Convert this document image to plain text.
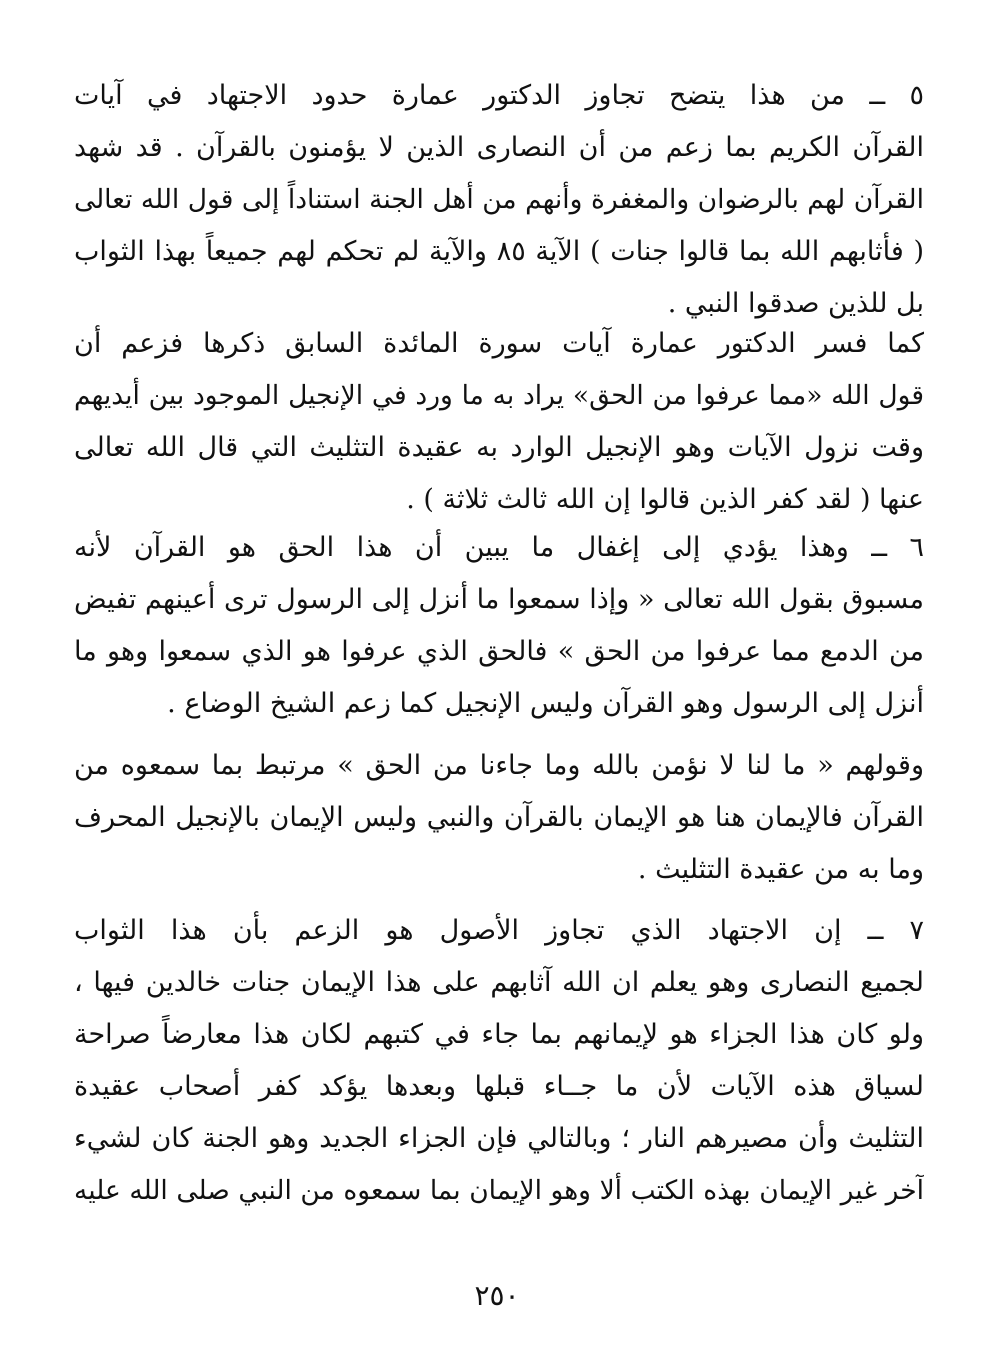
٥ ــ من هذا يتضح تجاوز الدكتور عمارة حدود الاجتهاد في آيات
القرآن الكريم بما زعم من أن النصارى الذين لا يؤمنون بالقرآن . قد شهد
القرآن لهم بالرضوان والمغفرة وأنهم من أهل الجنة استناداً إلى قول الله تعالى
( فأثابهم الله بما قالوا جنات ) الآية ٨٥ والآية لم تحكم لهم جميعاً بهذا الثواب
بل للذين صدقوا النبي .
كما فسر الدكتور عمارة آيات سورة المائدة السابق ذكرها فزعم أن
قول الله «مما عرفوا من الحق» يراد به ما ورد في الإنجيل الموجود بين أيديهم
وقت نزول الآيات وهو الإنجيل الوارد به عقيدة التثليث التي قال الله تعالى
عنها ( لقد كفر الذين قالوا إن الله ثالث ثلاثة ) .
٦ ــ وهذا يؤدي إلى إغفال ما يبين أن هذا الحق هو القرآن لأنه
مسبوق بقول الله تعالى « وإذا سمعوا ما أنزل إلى الرسول ترى أعينهم تفيض
من الدمع مما عرفوا من الحق » فالحق الذي عرفوا هو الذي سمعوا وهو ما
أنزل إلى الرسول وهو القرآن وليس الإنجيل كما زعم الشيخ الوضاع .
وقولهم « ما لنا لا نؤمن بالله وما جاءنا من الحق » مرتبط بما سمعوه من
القرآن فالإيمان هنا هو الإيمان بالقرآن والنبي وليس الإيمان بالإنجيل المحرف
وما به من عقيدة التثليث .
٧ ــ إن الاجتهاد الذي تجاوز الأصول هو الزعم بأن هذا الثواب
لجميع النصارى وهو يعلم ان الله آثابهم على هذا الإيمان جنات خالدين فيها ،
ولو كان هذا الجزاء هو لإيمانهم بما جاء في كتبهم لكان هذا معارضاً صراحة
لسياق هذه الآيات لأن ما جــاء قبلها وبعدها يؤكد كفر أصحاب عقيدة
التثليث وأن مصيرهم النار ؛ وبالتالي فإن الجزاء الجديد وهو الجنة كان لشيء
آخر غير الإيمان بهذه الكتب ألا وهو الإيمان بما سمعوه من النبي صلى الله عليه
٢٥٠
